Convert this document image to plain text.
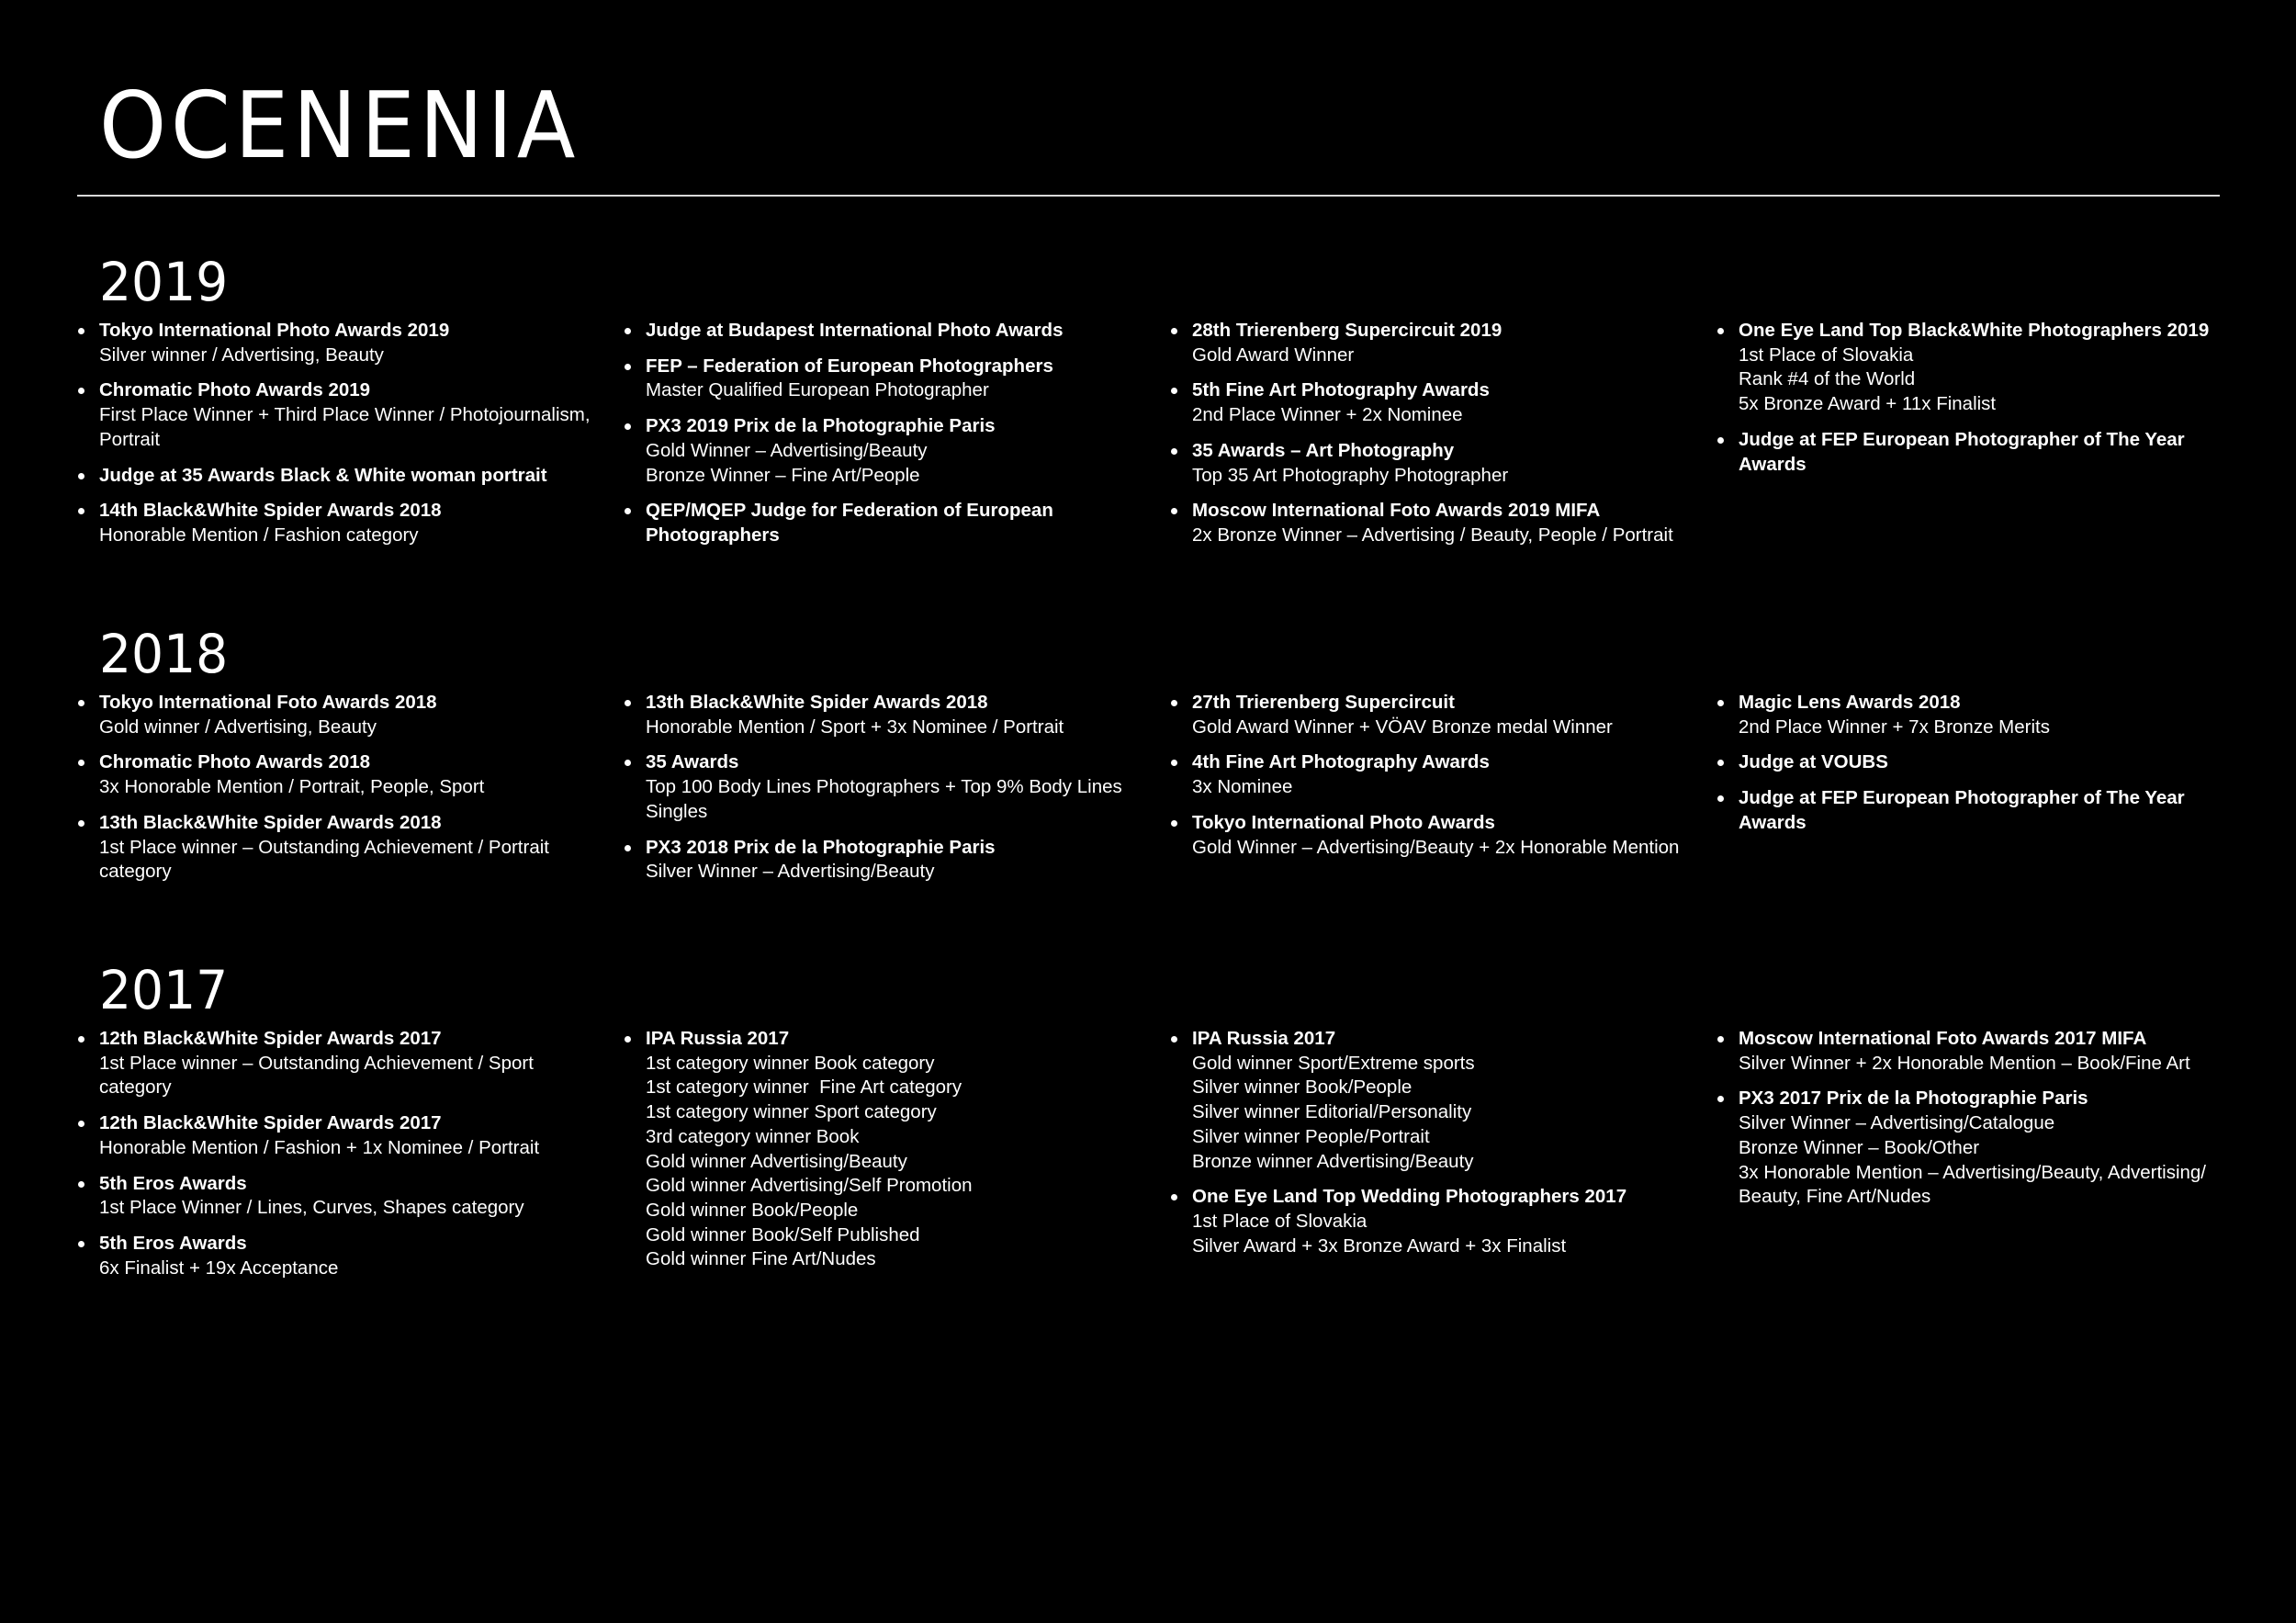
OCENENIA
2019
Tokyo International Photo Awards 2019
Silver winner / Advertising, Beauty
Chromatic Photo Awards 2019
First Place Winner + Third Place Winner / Photojournalism,
Portrait
Judge at 35 Awards Black & White woman portrait
14th Black&White Spider Awards 2018
Honorable Mention / Fashion category
Judge at Budapest International Photo Awards
FEP – Federation of European Photographers
Master Qualified European Photographer
PX3 2019 Prix de la Photographie Paris
Gold Winner – Advertising/Beauty
Bronze Winner – Fine Art/People
QEP/MQEP Judge for Federation of European
Photographers
28th Trierenberg Supercircuit 2019
Gold Award Winner
5th Fine Art Photography Awards
2nd Place Winner + 2x Nominee
35 Awards – Art Photography
Top 35 Art Photography Photographer
Moscow International Foto Awards 2019 MIFA
2x Bronze Winner – Advertising / Beauty, People / Portrait
One Eye Land Top Black&White Photographers 2019
1st Place of Slovakia
Rank #4 of the World
5x Bronze Award + 11x Finalist
Judge at FEP European Photographer of The Year Awards
2018
Tokyo International Foto Awards 2018
Gold winner / Advertising, Beauty
Chromatic Photo Awards 2018
3x Honorable Mention / Portrait, People, Sport
13th Black&White Spider Awards 2018
1st Place winner – Outstanding Achievement / Portrait category
13th Black&White Spider Awards 2018
Honorable Mention / Sport + 3x Nominee / Portrait
35 Awards
Top 100 Body Lines Photographers + Top 9% Body Lines
Singles
PX3 2018 Prix de la Photographie Paris
Silver Winner – Advertising/Beauty
27th Trierenberg Supercircuit
Gold Award Winner + VÖAV Bronze medal Winner
4th Fine Art Photography Awards
3x Nominee
Tokyo International Photo Awards
Gold Winner – Advertising/Beauty + 2x Honorable Mention
Magic Lens Awards 2018
2nd Place Winner + 7x Bronze Merits
Judge at VOUBS
Judge at FEP European Photographer of The Year Awards
2017
12th Black&White Spider Awards 2017
1st Place winner – Outstanding Achievement / Sport category
12th Black&White Spider Awards 2017
Honorable Mention / Fashion + 1x Nominee / Portrait
5th Eros Awards
1st Place Winner / Lines, Curves, Shapes category
5th Eros Awards
6x Finalist + 19x Acceptance
IPA Russia 2017
1st category winner Book category
1st category winner  Fine Art category
1st category winner Sport category
3rd category winner Book
Gold winner Advertising/Beauty
Gold winner Advertising/Self Promotion
Gold winner Book/People
Gold winner Book/Self Published
Gold winner Fine Art/Nudes
IPA Russia 2017
Gold winner Sport/Extreme sports
Silver winner Book/People
Silver winner Editorial/Personality
Silver winner People/Portrait
Bronze winner Advertising/Beauty
One Eye Land Top Wedding Photographers 2017
1st Place of Slovakia
Silver Award + 3x Bronze Award + 3x Finalist
Moscow International Foto Awards 2017 MIFA
Silver Winner + 2x Honorable Mention – Book/Fine Art
PX3 2017 Prix de la Photographie Paris
Silver Winner – Advertising/Catalogue
Bronze Winner – Book/Other
3x Honorable Mention – Advertising/Beauty, Advertising/
Beauty, Fine Art/Nudes
